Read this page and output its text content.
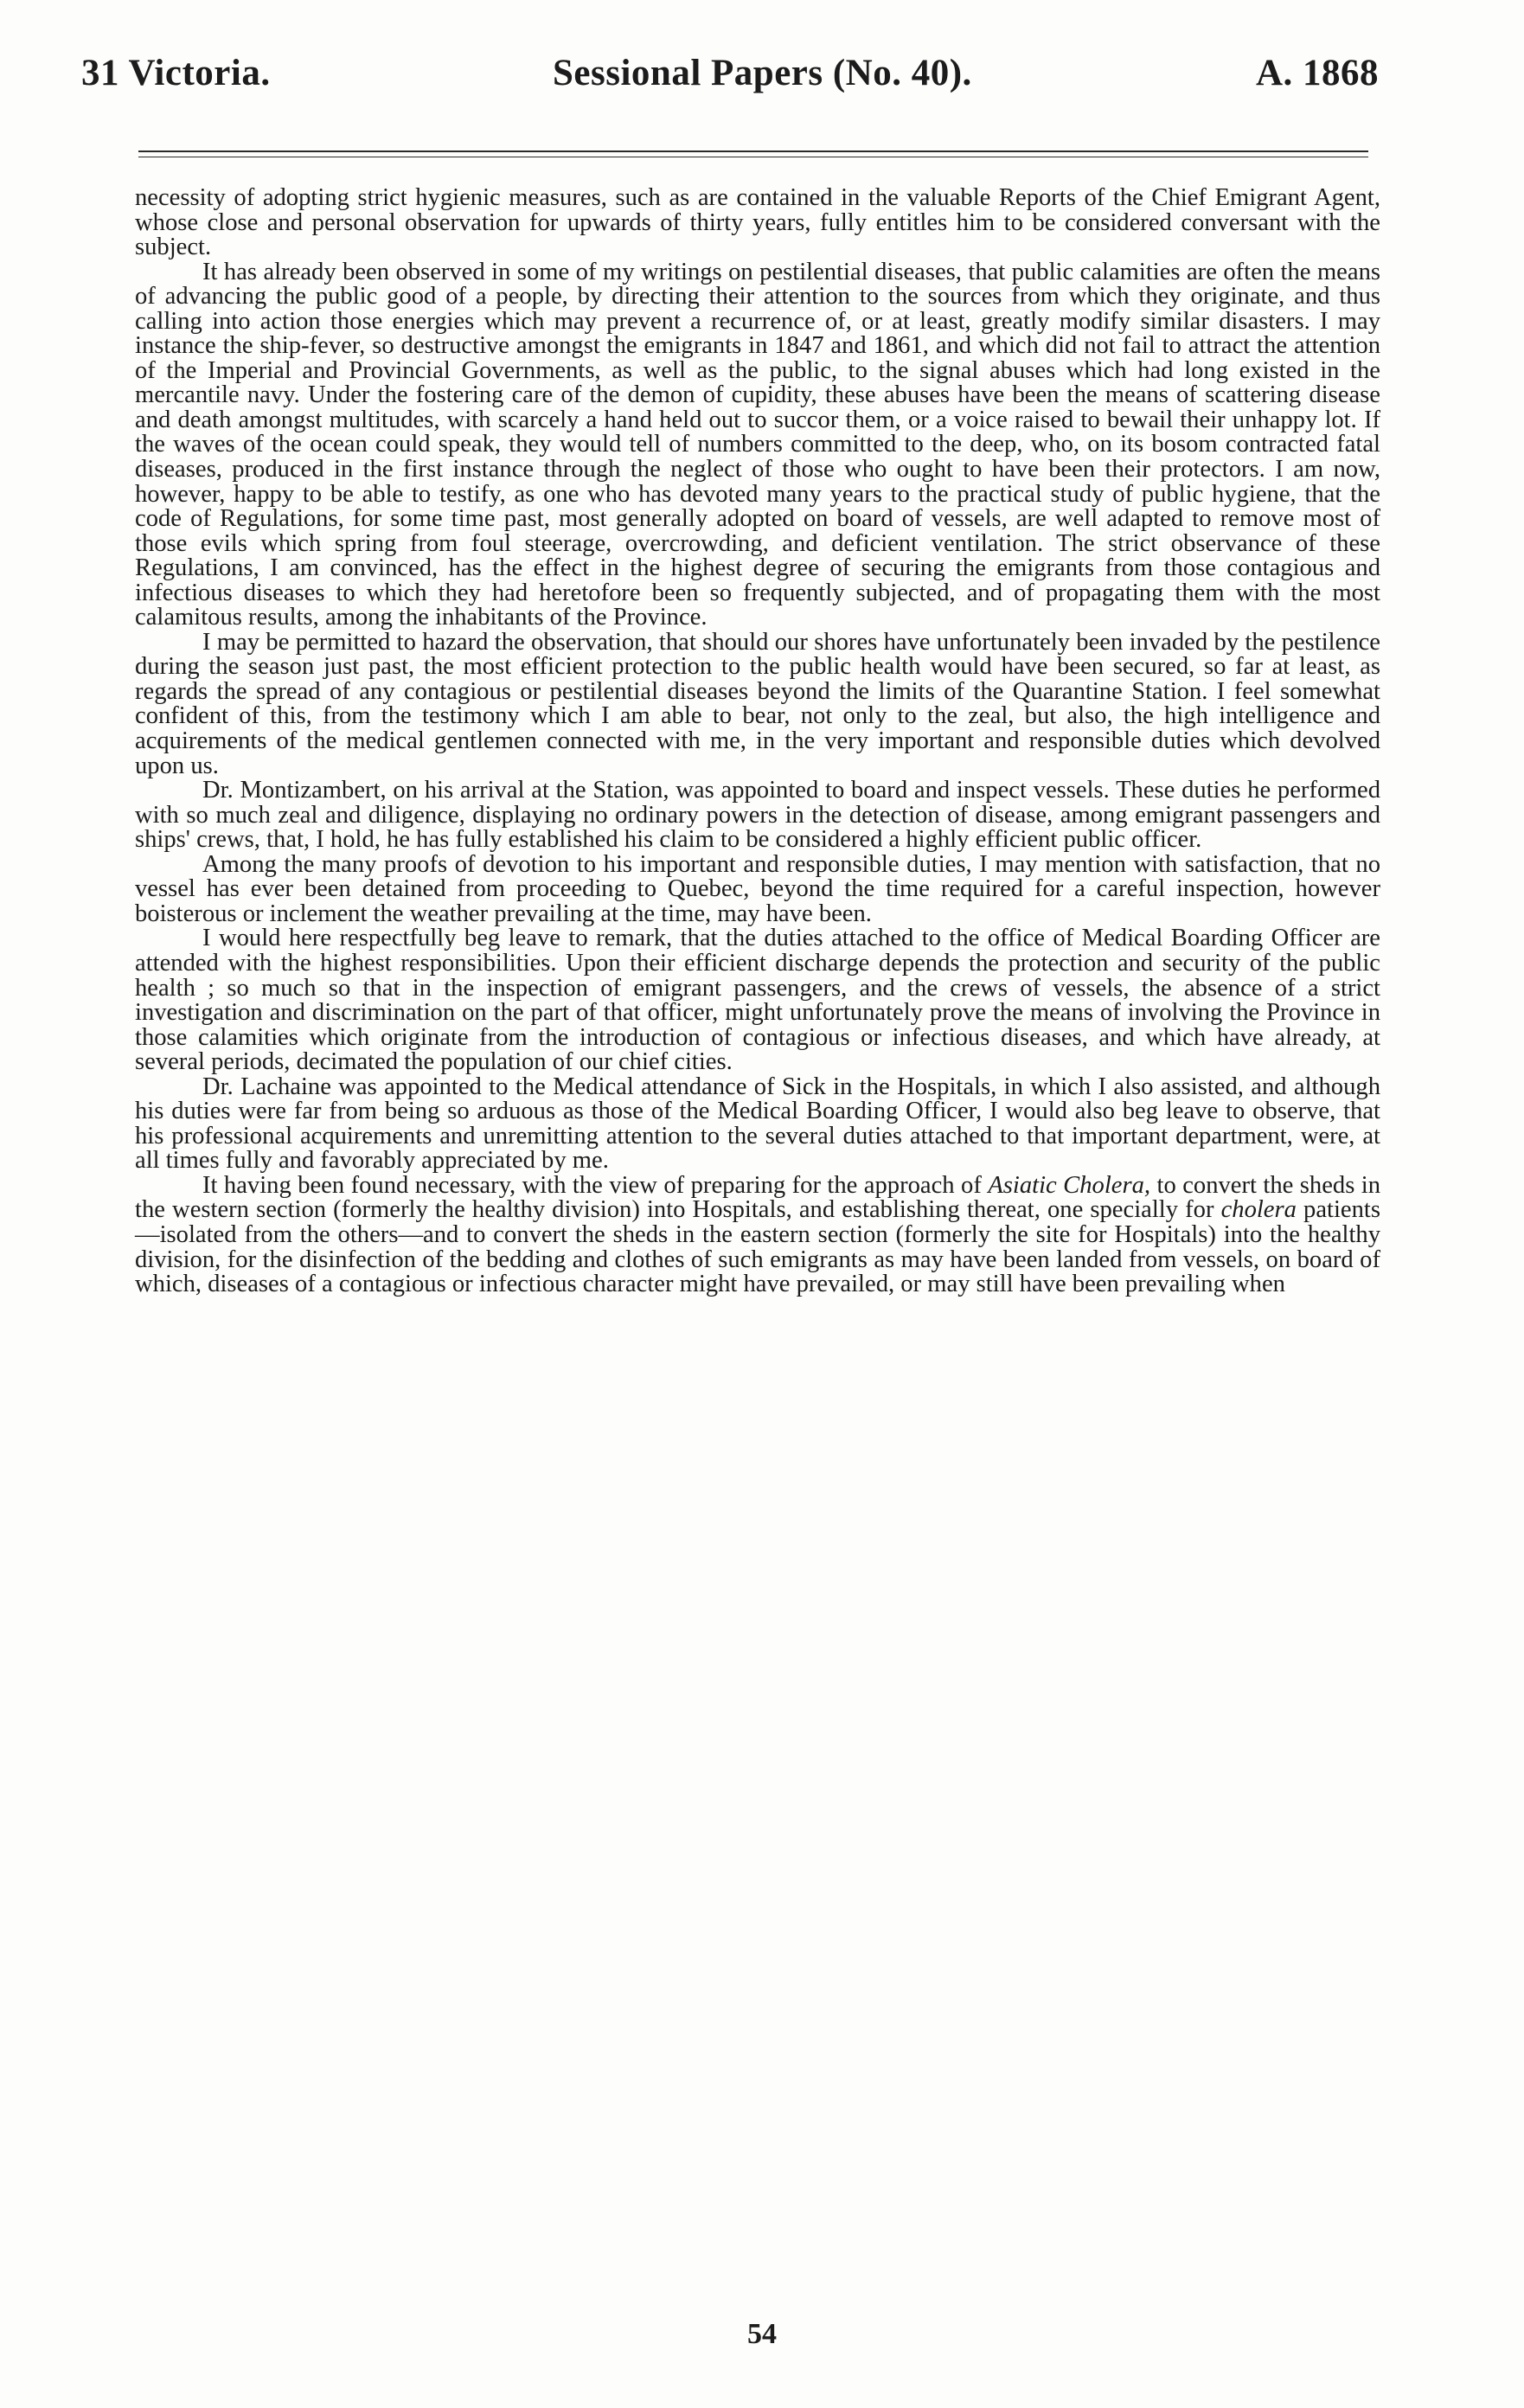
31 Victoria.	Sessional Papers (No. 40).	A. 1868

necessity of adopting strict hygienic measures, such as are contained in the valuable Reports of the Chief Emigrant Agent, whose close and personal observation for upwards of thirty years, fully entitles him to be considered conversant with the subject.

It has already been observed in some of my writings on pestilential diseases, that public calamities are often the means of advancing the public good of a people, by directing their attention to the sources from which they originate, and thus calling into action those energies which may prevent a recurrence of, or at least, greatly modify similar disasters. I may instance the ship-fever, so destructive amongst the emigrants in 1847 and 1861, and which did not fail to attract the attention of the Imperial and Provincial Governments, as well as the public, to the signal abuses which had long existed in the mercantile navy. Under the fostering care of the demon of cupidity, these abuses have been the means of scattering disease and death amongst multitudes, with scarcely a hand held out to succor them, or a voice raised to bewail their unhappy lot. If the waves of the ocean could speak, they would tell of numbers committed to the deep, who, on its bosom contracted fatal diseases, produced in the first instance through the neglect of those who ought to have been their protectors. I am now, however, happy to be able to testify, as one who has devoted many years to the practical study of public hygiene, that the code of Regulations, for some time past, most generally adopted on board of vessels, are well adapted to remove most of those evils which spring from foul steerage, overcrowding, and deficient ventilation. The strict observance of these Regulations, I am convinced, has the effect in the highest degree of securing the emigrants from those contagious and infectious diseases to which they had heretofore been so frequently subjected, and of propagating them with the most calamitous results, among the inhabitants of the Province.

I may be permitted to hazard the observation, that should our shores have unfortunately been invaded by the pestilence during the season just past, the most efficient protection to the public health would have been secured, so far at least, as regards the spread of any contagious or pestilential diseases beyond the limits of the Quarantine Station. I feel somewhat confident of this, from the testimony which I am able to bear, not only to the zeal, but also, the high intelligence and acquirements of the medical gentlemen connected with me, in the very important and responsible duties which devolved upon us.

Dr. Montizambert, on his arrival at the Station, was appointed to board and inspect vessels. These duties he performed with so much zeal and diligence, displaying no ordinary powers in the detection of disease, among emigrant passengers and ships' crews, that, I hold, he has fully established his claim to be considered a highly efficient public officer.

Among the many proofs of devotion to his important and responsible duties, I may mention with satisfaction, that no vessel has ever been detained from proceeding to Quebec, beyond the time required for a careful inspection, however boisterous or inclement the weather prevailing at the time, may have been.

I would here respectfully beg leave to remark, that the duties attached to the office of Medical Boarding Officer are attended with the highest responsibilities. Upon their efficient discharge depends the protection and security of the public health ; so much so that in the inspection of emigrant passengers, and the crews of vessels, the absence of a strict investigation and discrimination on the part of that officer, might unfortunately prove the means of involving the Province in those calamities which originate from the introduction of contagious or infectious diseases, and which have already, at several periods, decimated the population of our chief cities.

Dr. Lachaine was appointed to the Medical attendance of Sick in the Hospitals, in which I also assisted, and although his duties were far from being so arduous as those of the Medical Boarding Officer, I would also beg leave to observe, that his professional acquirements and unremitting attention to the several duties attached to that important department, were, at all times fully and favorably appreciated by me.

It having been found necessary, with the view of preparing for the approach of Asiatic Cholera, to convert the sheds in the western section (formerly the healthy division) into Hospitals, and establishing thereat, one specially for cholera patients—isolated from the others—and to convert the sheds in the eastern section (formerly the site for Hospitals) into the healthy division, for the disinfection of the bedding and clothes of such emigrants as may have been landed from vessels, on board of which, diseases of a contagious or infectious character might have prevailed, or may still have been prevailing when

54
